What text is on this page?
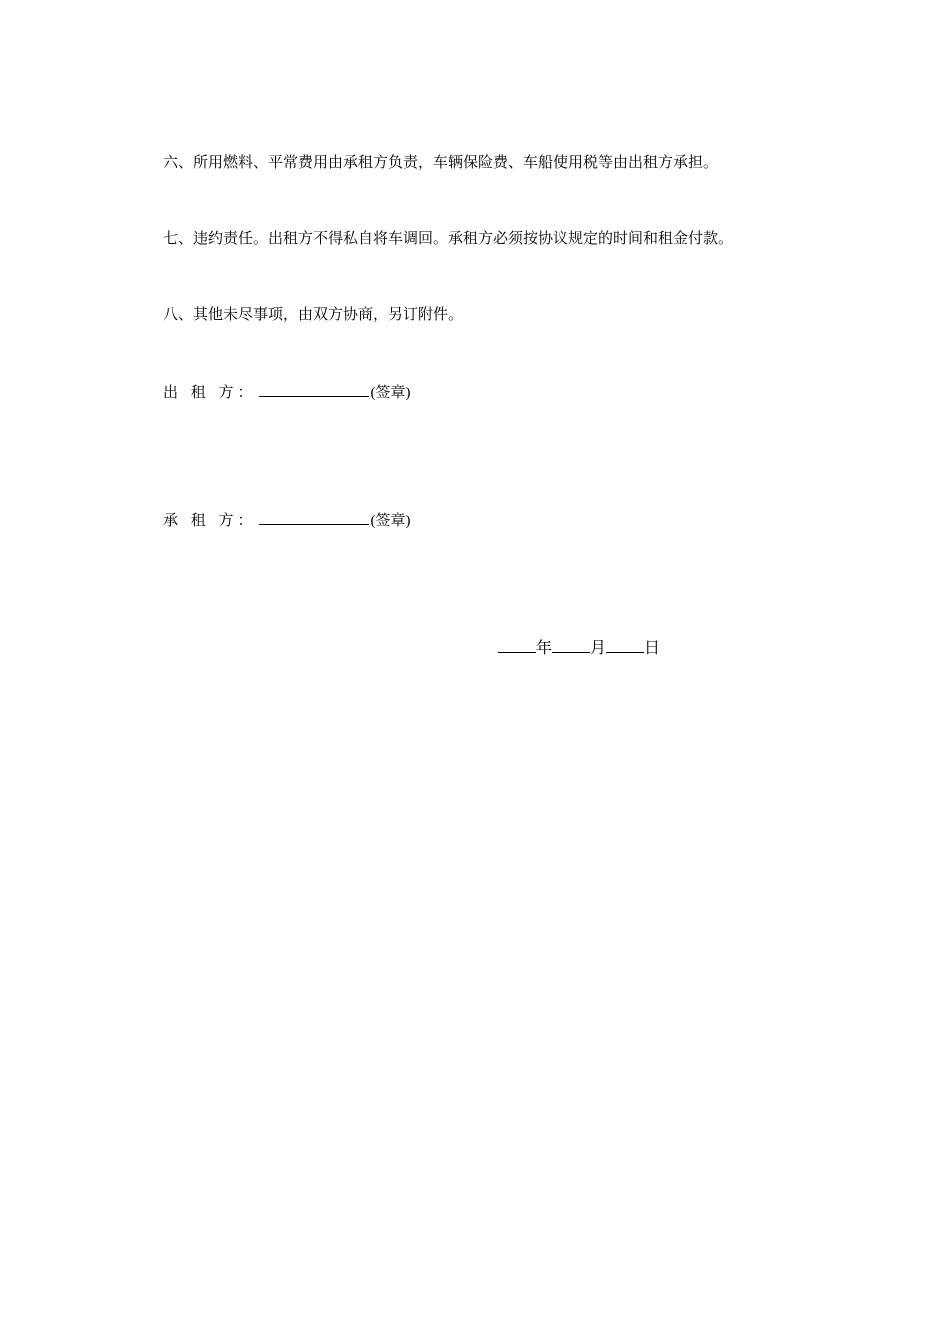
六、所用燃料、平常费用由承租方负责，车辆保险费、车船使用税等由出租方承担。
七、违约责任。出租方不得私自将车调回。承租方必须按协议规定的时间和租金付款。
八、其他未尽事项，由双方协商，另订附件。
出 租 方：	(签章)
承 租 方：	(签章)
年 月 日
